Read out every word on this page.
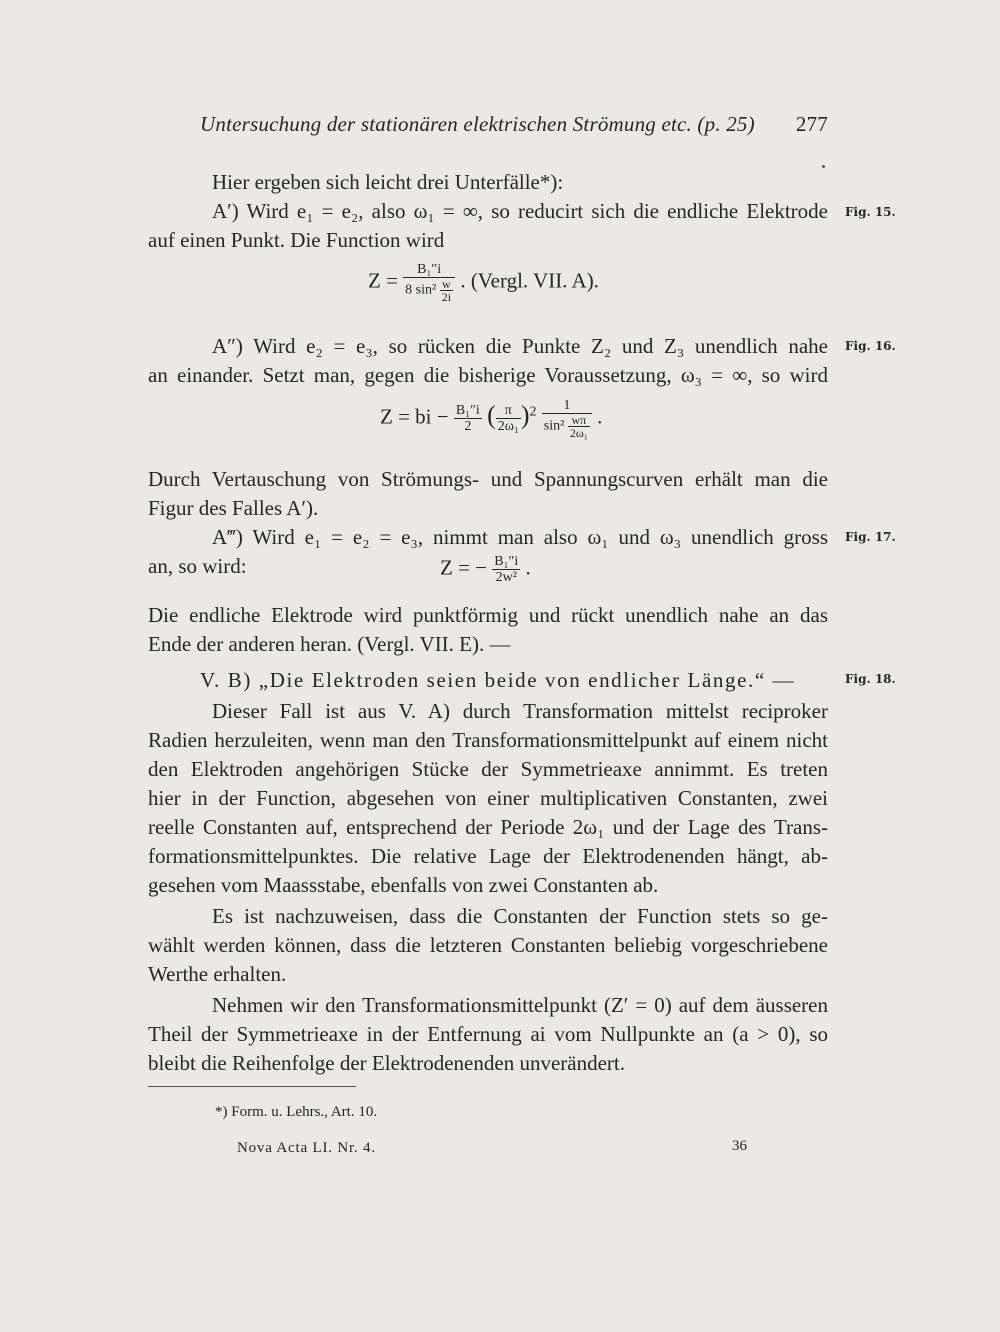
Untersuchung der stationären elektrischen Strömung etc. (p. 25) 277
Hier ergeben sich leicht drei Unterfälle*):
A′) Wird e₁ = e₂, also ω₁ = ∞, so reducirt sich die endliche Elektrode Fig. 15.
auf einen Punkt. Die Function wird
$Z = \frac{\text{B₁″i}}{8 \sin^2 \frac{w}{2i}}$ . (Vergl. VII. A).
A″) Wird e₂ = e₃, so rücken die Punkte Z₂ und Z₃ unendlich nahe Fig. 16.
an einander. Setzt man, gegen die bisherige Voraussetzung, ω₃ = ∞, so wird
Z = bi − $\frac{\text{B₁″i}}{2}$ ( $\frac{\pi}{\text{2ω₁}} )^2 \frac{1}{\sin^2 \frac{w\pi}{\text{2ω₁}}}$ .
Durch Vertauschung von Strömungs- und Spannungscurven erhält man die
Figur des Falles A′).
A‴) Wird e₁ = e₂ = e₃, nimmt man also ω₁ und ω₃ unendlich gross Fig. 17.
an, so wird:	Z = − $\frac{\text{B₁″i}}{\text{2w²}}$ .
Die endliche Elektrode wird punktförmig und rückt unendlich nahe an das
Ende der anderen heran. (Vergl. VII. E). —
V. B) „Die Elektroden seien beide von endlicher Länge.“ —	Fig. 18.
Dieser Fall ist aus V. A) durch Transformation mittelst reciproker
Radien herzuleiten, wenn man den Transformationsmittelpunkt auf einem nicht
den Elektroden angehörigen Stücke der Symmetrieaxe annimmt. Es treten
hier in der Function, abgesehen von einer multiplicativen Constanten, zwei
reelle Constanten auf, entsprechend der Periode 2ω₁ und der Lage des Trans-
formationsmittelpunktes. Die relative Lage der Elektrodenenden hängt, ab-
gesehen vom Maassstabe, ebenfalls von zwei Constanten ab.
Es ist nachzuweisen, dass die Constanten der Function stets so ge-
wählt werden können, dass die letzteren Constanten beliebig vorgeschriebene
Werthe erhalten.
Nehmen wir den Transformationsmittelpunkt (Z′ = 0) auf dem äusseren
Theil der Symmetrieaxe in der Entfernung ai vom Nullpunkte an (a > 0), so
bleibt die Reihenfolge der Elektrodenenden unverändert.
*) Form. u. Lehrs., Art. 10.
Nova Acta LI. Nr. 4.	36
